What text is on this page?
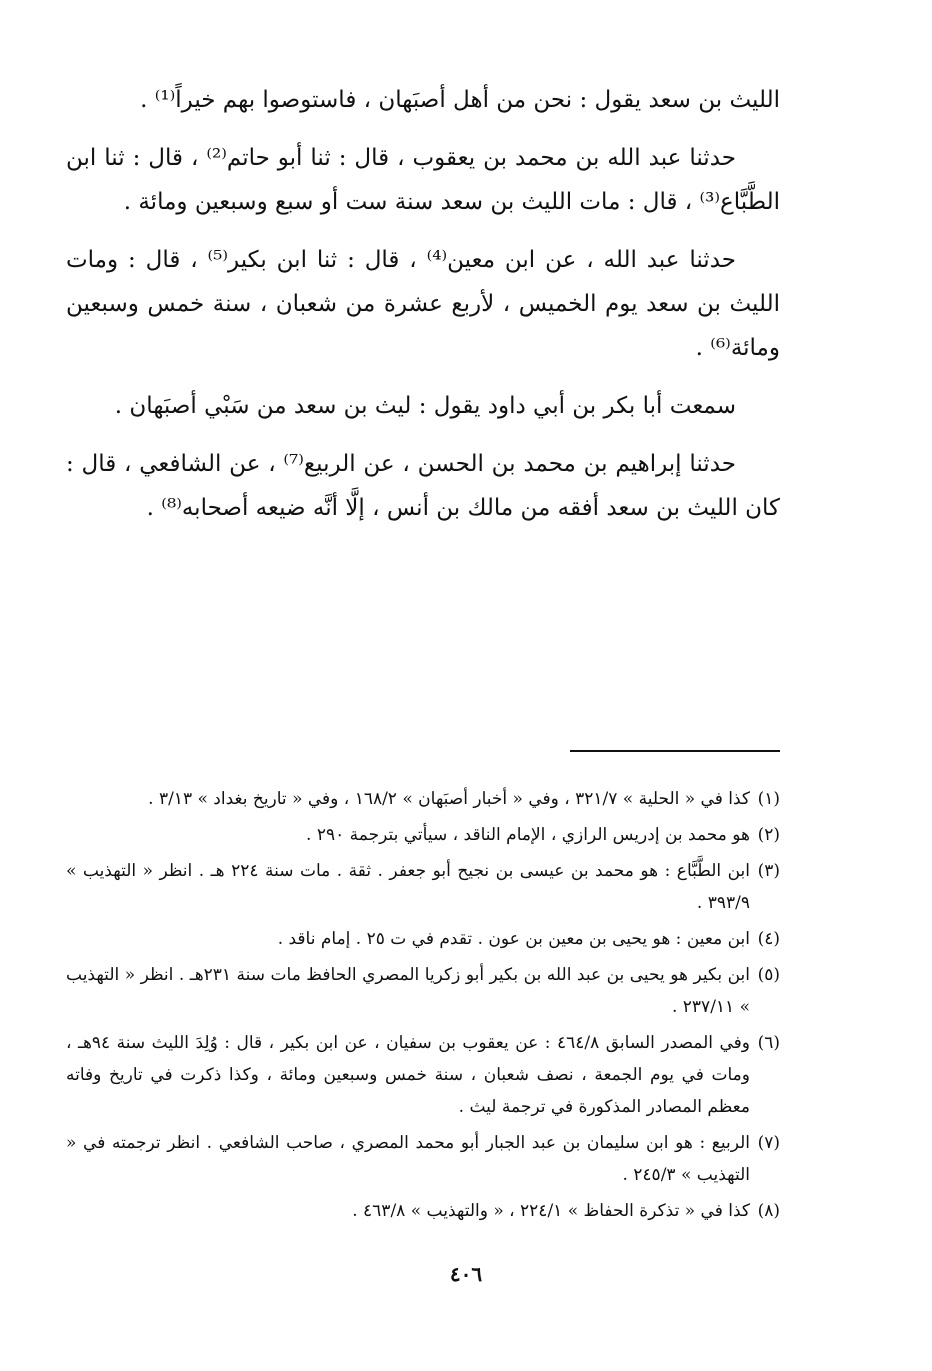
الليث بن سعد يقول : نحن من أهل أصبَهان ، فاستوصوا بهم خيراً⁽¹⁾ .

حدثنا عبد الله بن محمد بن يعقوب ، قال : ثنا أبو حاتم⁽²⁾ ، قال : ثنا ابن الطَّبَّاع⁽³⁾ ، قال : مات الليث بن سعد سنة ست أو سبع وسبعين ومائة .

حدثنا عبد الله ، عن ابن معين⁽⁴⁾ ، قال : ثنا ابن بكير⁽⁵⁾ ، قال : ومات الليث بن سعد يوم الخميس ، لأربع عشرة من شعبان ، سنة خمس وسبعين ومائة⁽⁶⁾ .

سمعت أبا بكر بن أبي داود يقول : ليث بن سعد من سَبْي أصبَهان .

حدثنا إبراهيم بن محمد بن الحسن ، عن الربيع⁽⁷⁾ ، عن الشافعي ، قال : كان الليث بن سعد أفقه من مالك بن أنس ، إلَّا أنَّه ضيعه أصحابه⁽⁸⁾ .

(١)
كذا في « الحلية » ٣٢١/٧ ، وفي « أخبار أصبَهان » ١٦٨/٢ ، وفي « تاريخ بغداد » ٣/١٣ .

(٢)
هو محمد بن إدريس الرازي ، الإمام الناقد ، سيأتي بترجمة ٢٩٠ .

(٣)
ابن الطَّبَّاع : هو محمد بن عيسى بن نجيح أبو جعفر . ثقة . مات سنة ٢٢٤ هـ . انظر « التهذيب » ٣٩٣/٩ .

(٤)
ابن معين : هو يحيى بن معين بن عون . تقدم في ت ٢٥ . إمام ناقد .

(٥)
ابن بكير هو يحيى بن عبد الله بن بكير أبو زكريا المصري الحافظ مات سنة ٢٣١هـ . انظر « التهذيب » ٢٣٧/١١ .

(٦)
وفي المصدر السابق ٤٦٤/٨ : عن يعقوب بن سفيان ، عن ابن بكير ، قال : وُلِدَ الليث سنة ٩٤هـ ، ومات في يوم الجمعة ، نصف شعبان ، سنة خمس وسبعين ومائة ، وكذا ذكرت في تاريخ وفاته معظم المصادر المذكورة في ترجمة ليث .

(٧)
الربيع : هو ابن سليمان بن عبد الجبار أبو محمد المصري ، صاحب الشافعي . انظر ترجمته في « التهذيب » ٢٤٥/٣ .

(٨)
كذا في « تذكرة الحفاظ » ٢٢٤/١ ، « والتهذيب » ٤٦٣/٨ .

٤٠٦
